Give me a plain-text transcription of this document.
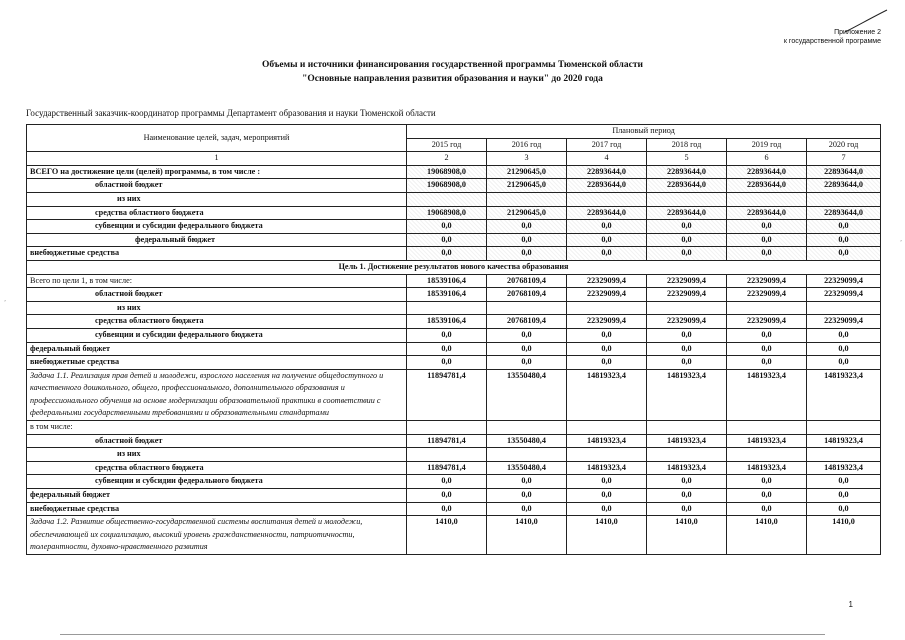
Приложение 2
к государственной программе
Объемы и источники финансирования государственной программы Тюменской области
"Основные направления развития образования и науки" до 2020 года
Государственный заказчик-координатор программы Департамент образования и науки Тюменской области
Наименование целей, задач, мероприятий	Плановый период					
	2015 год	2016 год	2017 год	2018 год	2019 год	2020 год
1	2	3	4	5	6	7
ВСЕГО на достижение цели (целей) программы, в том числе :	19068908,0	21290645,0	22893644,0	22893644,0	22893644,0	22893644,0
областной бюджет	19068908,0	21290645,0	22893644,0	22893644,0	22893644,0	22893644,0
из них						
средства областного бюджета	19068908,0	21290645,0	22893644,0	22893644,0	22893644,0	22893644,0
субвенции и субсидии федерального бюджета	0,0	0,0	0,0	0,0	0,0	0,0
федеральный бюджет	0,0	0,0	0,0	0,0	0,0	0,0
внебюджетные средства	0,0	0,0	0,0	0,0	0,0	0,0
Цель 1. Достижение результатов нового качества образования						
Всего по цели 1, в том числе:	18539106,4	20768109,4	22329099,4	22329099,4	22329099,4	22329099,4
областной бюджет	18539106,4	20768109,4	22329099,4	22329099,4	22329099,4	22329099,4
из них						
средства областного бюджета	18539106,4	20768109,4	22329099,4	22329099,4	22329099,4	22329099,4
субвенции и субсидии федерального бюджета	0,0	0,0	0,0	0,0	0,0	0,0
федеральный бюджет	0,0	0,0	0,0	0,0	0,0	0,0
внебюджетные средства	0,0	0,0	0,0	0,0	0,0	0,0
Задача 1.1. Реализация прав детей и молодежи, взрослого населения на получение общедоступного и качественного дошкольного, общего, профессионального, дополнительного образования и профессионального обучения на основе модернизации образовательной практики в соответствии с федеральными государственными требованиями и образовательными стандартами	11894781,4	13550480,4	14819323,4	14819323,4	14819323,4	14819323,4
в том числе:						
областной бюджет	11894781,4	13550480,4	14819323,4	14819323,4	14819323,4	14819323,4
из них						
средства областного бюджета	11894781,4	13550480,4	14819323,4	14819323,4	14819323,4	14819323,4
субвенции и субсидии федерального бюджета	0,0	0,0	0,0	0,0	0,0	0,0
федеральный бюджет	0,0	0,0	0,0	0,0	0,0	0,0
внебюджетные средства	0,0	0,0	0,0	0,0	0,0	0,0
Задача 1.2. Развитие общественно-государственной системы воспитания детей и молодежи, обеспечивающей их социализацию, высокий уровень гражданственности, патриотичности, толерантности, духовно-нравственного развития	1410,0	1410,0	1410,0	1410,0	1410,0	1410,0
1
ʼ
ʼ
